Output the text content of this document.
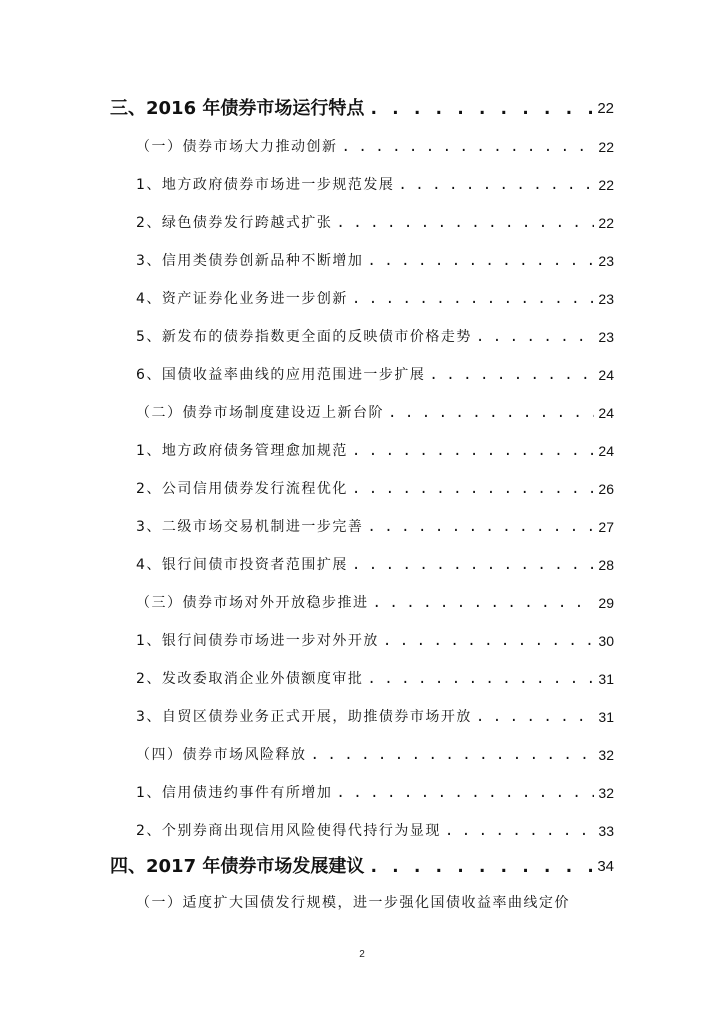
三、2016 年债券市场运行特点 . . .	22
（一）债券市场大力推动创新 . . .	22
1、地方政府债券市场进一步规范发展 . . .	22
2、绿色债券发行跨越式扩张 . . .	22
3、信用类债券创新品种不断增加 . . .	23
4、资产证券化业务进一步创新 . . .	23
5、新发布的债券指数更全面的反映债市价格走势 . . .	23
6、国债收益率曲线的应用范围进一步扩展 . . .	24
（二）债券市场制度建设迈上新台阶 . . .	24
1、地方政府债务管理愈加规范 . . .	24
2、公司信用债券发行流程优化 . . .	26
3、二级市场交易机制进一步完善 . . .	27
4、银行间债市投资者范围扩展 . . .	28
（三）债券市场对外开放稳步推进 . . .	29
1、银行间债券市场进一步对外开放 . . .	30
2、发改委取消企业外债额度审批 . . .	31
3、自贸区债券业务正式开展，助推债券市场开放 . . .	31
（四）债券市场风险释放 . . .	32
1、信用债违约事件有所增加 . . .	32
2、个别券商出现信用风险使得代持行为显现 . . .	33
四、2017 年债券市场发展建议 . . .	34
（一）适度扩大国债发行规模，进一步强化国债收益率曲线定价
2
